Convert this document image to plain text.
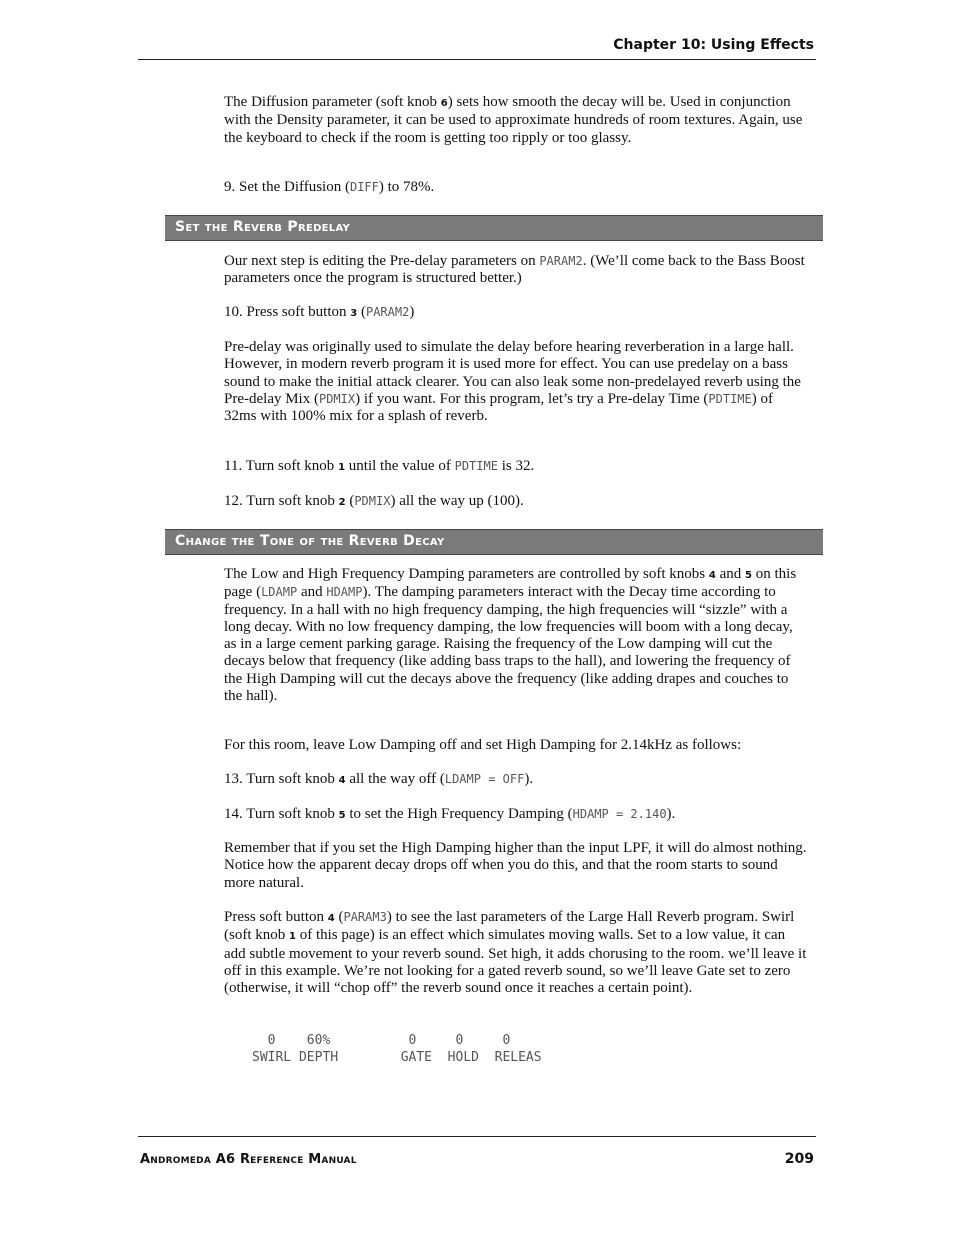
Chapter 10: Using Effects

The Diffusion parameter (soft knob 6) sets how smooth the decay will be. Used in conjunction with the Density parameter, it can be used to approximate hundreds of room textures. Again, use the keyboard to check if the room is getting too ripply or too glassy.

9. Set the Diffusion (DIFF) to 78%.

Set the Reverb Predelay

Our next step is editing the Pre-delay parameters on PARAM2. (We’ll come back to the Bass Boost parameters once the program is structured better.)

10. Press soft button 3 (PARAM2)

Pre-delay was originally used to simulate the delay before hearing reverberation in a large hall. However, in modern reverb program it is used more for effect. You can use predelay on a bass sound to make the initial attack clearer. You can also leak some non-predelayed reverb using the Pre-delay Mix (PDMIX) if you want. For this program, let’s try a Pre-delay Time (PDTIME) of 32ms with 100% mix for a splash of reverb.

11. Turn soft knob 1 until the value of PDTIME is 32.

12. Turn soft knob 2 (PDMIX) all the way up (100).

Change the Tone of the Reverb Decay

The Low and High Frequency Damping parameters are controlled by soft knobs 4 and 5 on this page (LDAMP and HDAMP). The damping parameters interact with the Decay time according to frequency. In a hall with no high frequency damping, the high frequencies will “sizzle” with a long decay. With no low frequency damping, the low frequencies will boom with a long decay, as in a large cement parking garage. Raising the frequency of the Low damping will cut the decays below that frequency (like adding bass traps to the hall), and lowering the frequency of the High Damping will cut the decays above the frequency (like adding drapes and couches to the hall).

For this room, leave Low Damping off and set High Damping for 2.14kHz as follows:

13. Turn soft knob 4 all the way off (LDAMP = OFF).

14. Turn soft knob 5 to set the High Frequency Damping (HDAMP = 2.140).

Remember that if you set the High Damping higher than the input LPF, it will do almost nothing. Notice how the apparent decay drops off when you do this, and that the room starts to sound more natural.

Press soft button 4 (PARAM3) to see the last parameters of the Large Hall Reverb program. Swirl (soft knob 1 of this page) is an effect which simulates moving walls. Set to a low value, it can add subtle movement to your reverb sound. Set high, it adds chorusing to the room. we’ll leave it off in this example. We’re not looking for a gated reverb sound, so we’ll leave Gate set to zero (otherwise, it will “chop off” the reverb sound once it reaches a certain point).

0    60%          0     0     0
SWIRL DEPTH        GATE  HOLD  RELEAS
Andromeda A6 Reference Manual	209
